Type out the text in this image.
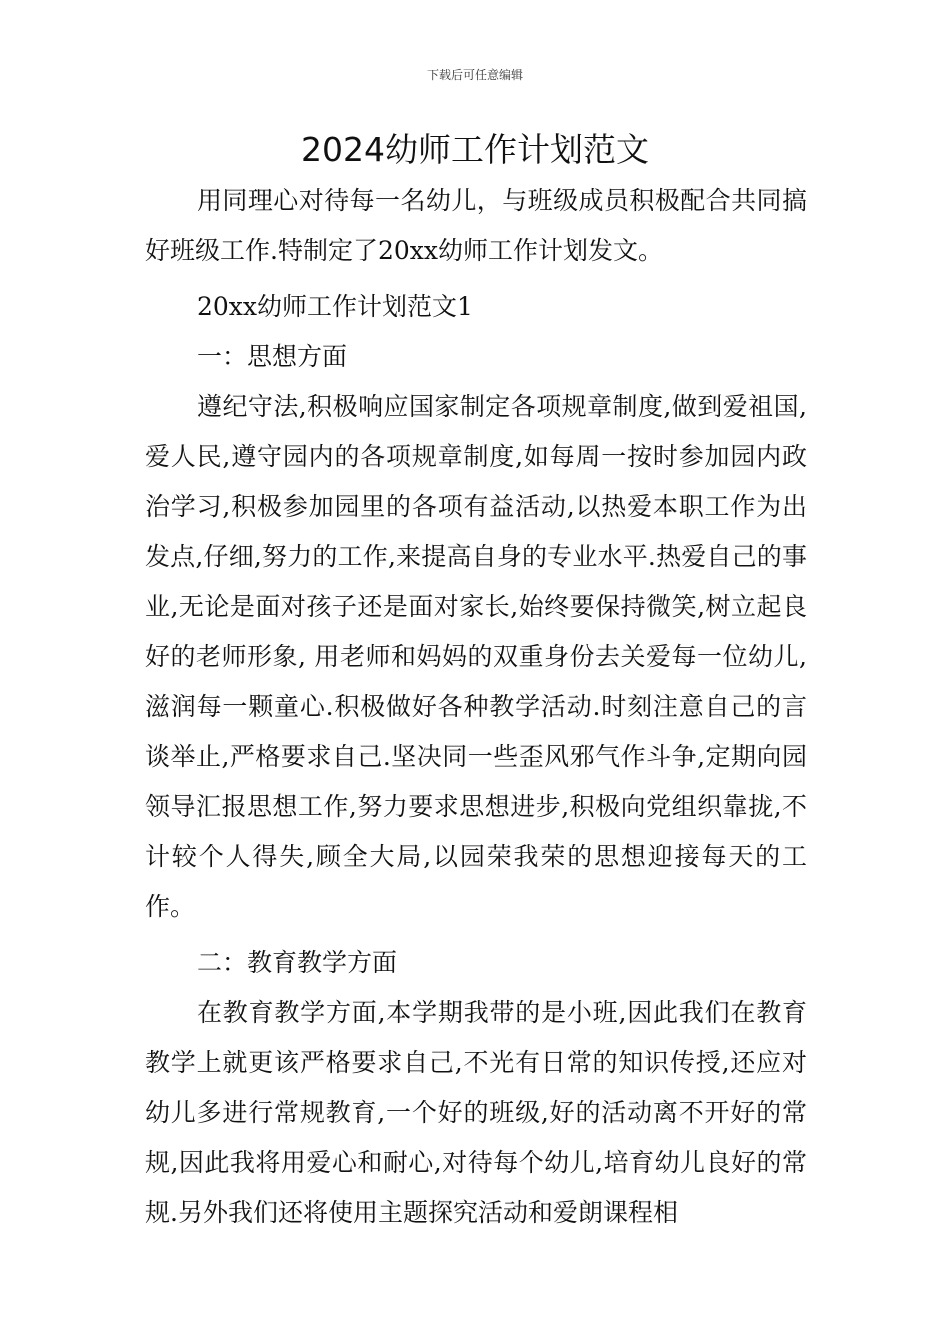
下载后可任意编辑
2024幼师工作计划范文

用同理心对待每一名幼儿，与班级成员积极配合共同搞好班级工作.特制定了20xx幼师工作计划发文。

20xx幼师工作计划范文1

一：思想方面

遵纪守法,积极响应国家制定各项规章制度,做到爱祖国,爱人民,遵守园内的各项规章制度,如每周一按时参加园内政治学习,积极参加园里的各项有益活动,以热爱本职工作为出发点,仔细,努力的工作,来提高自身的专业水平.热爱自己的事业,无论是面对孩子还是面对家长,始终要保持微笑,树立起良好的老师形象, 用老师和妈妈的双重身份去关爱每一位幼儿,滋润每一颗童心.积极做好各种教学活动.时刻注意自己的言谈举止,严格要求自己.坚决同一些歪风邪气作斗争,定期向园领导汇报思想工作,努力要求思想进步,积极向党组织靠拢,不计较个人得失,顾全大局,以园荣我荣的思想迎接每天的工作。

二：教育教学方面

在教育教学方面,本学期我带的是小班,因此我们在教育教学上就更该严格要求自己,不光有日常的知识传授,还应对幼儿多进行常规教育,一个好的班级,好的活动离不开好的常规,因此我将用爱心和耐心,对待每个幼儿,培育幼儿良好的常规.另外我们还将使用主题探究活动和爱朗课程相
